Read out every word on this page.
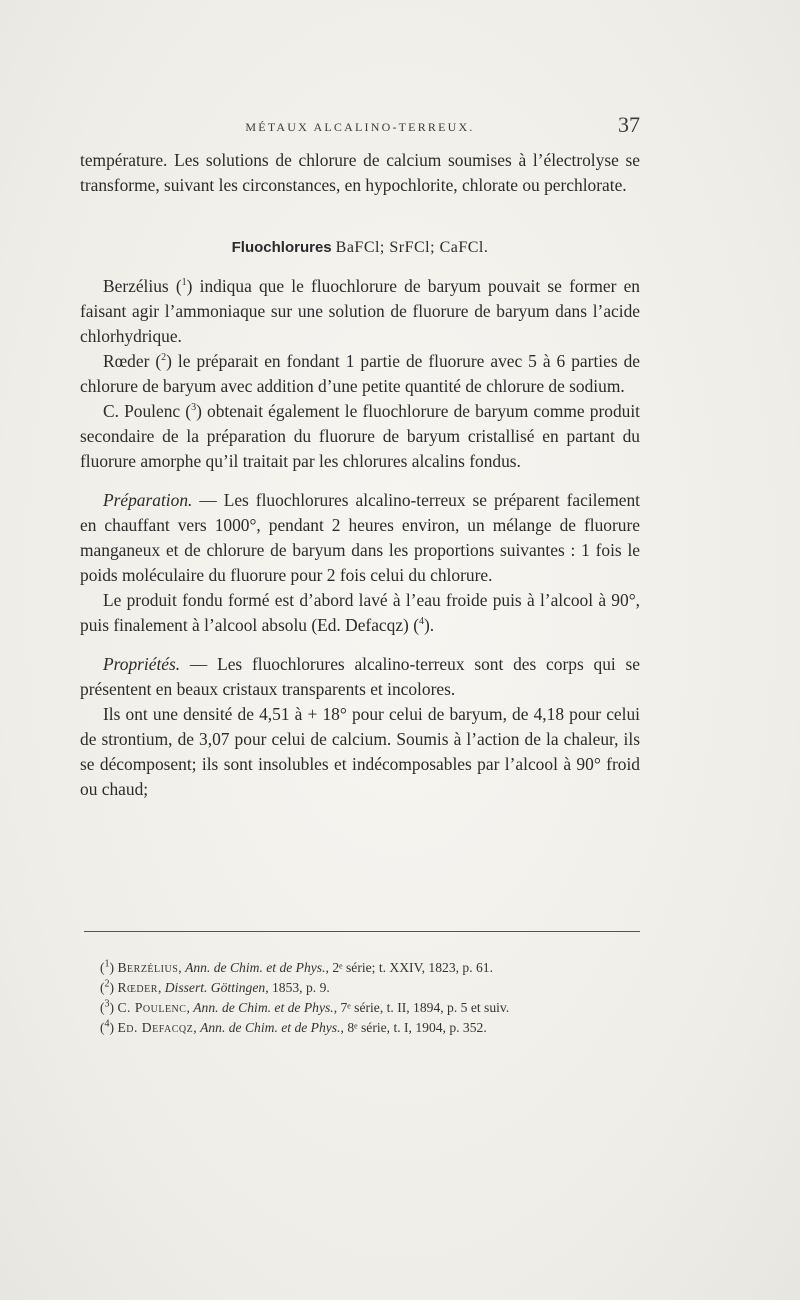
MÉTAUX ALCALINO-TERREUX.	37

température. Les solutions de chlorure de calcium soumises à l’électrolyse se transforme, suivant les circonstances, en hypochlorite, chlorate ou perchlorate.

Fluochlorures BaFCl; SrFCl; CaFCl.

Berzélius ($^1$) indiqua que le fluochlorure de baryum pouvait se former en faisant agir l’ammoniaque sur une solution de fluorure de baryum dans l’acide chlorhydrique.

Rœder ($^2$) le préparait en fondant 1 partie de fluorure avec 5 à 6 parties de chlorure de baryum avec addition d’une petite quantité de chlorure de sodium.

C. Poulenc ($^3$) obtenait également le fluochlorure de baryum comme produit secondaire de la préparation du fluorure de baryum cristallisé en partant du fluorure amorphe qu’il traitait par les chlorures alcalins fondus.

Préparation. — Les fluochlorures alcalino-terreux se préparent facilement en chauffant vers 1000°, pendant 2 heures environ, un mélange de fluorure manganeux et de chlorure de baryum dans les proportions suivantes : 1 fois le poids moléculaire du fluorure pour 2 fois celui du chlorure.

Le produit fondu formé est d’abord lavé à l’eau froide puis à l’alcool à 90°, puis finalement à l’alcool absolu (Ed. Defacqz) ($^4$).

Propriétés. — Les fluochlorures alcalino-terreux sont des corps qui se présentent en beaux cristaux transparents et incolores.

Ils ont une densité de 4,51 à + 18° pour celui de baryum, de 4,18 pour celui de strontium, de 3,07 pour celui de calcium. Soumis à l’action de la chaleur, ils se décomposent; ils sont insolubles et indécomposables par l’alcool à 90° froid ou chaud;

($^1$) Berzélius, Ann. de Chim. et de Phys., 2ᵉ série; t. XXIV, 1823, p. 61.

($^2$) Rœder, Dissert. Göttingen, 1853, p. 9.

($^3$) C. Poulenc, Ann. de Chim. et de Phys., 7ᵉ série, t. II, 1894, p. 5 et suiv.

($^4$) Ed. Defacqz, Ann. de Chim. et de Phys., 8ᵉ série, t. I, 1904, p. 352.
